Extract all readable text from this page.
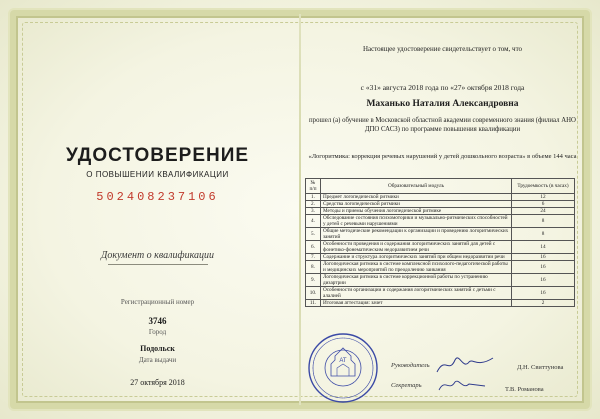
УДОСТОВЕРЕНИЕ
О ПОВЫШЕНИИ КВАЛИФИКАЦИИ
502408237106
Документ о квалификации
Регистрационный номер
3746
Город
Подольск
Дата выдачи
27 октября 2018
Настоящее удостоверение свидетельствует о том, что
с «31» августа 2018 года по «27» октября 2018 года
Маханько Наталия Александровна
прошел (а) обучение в Московской областной академии современного знания (филиал АНО ДПО САСЗ) по программе повышения квалификации
«Логоритмика: коррекция речевых нарушений у детей дошкольного возраста» в объеме 144 часа
№ п/п	Образовательный модуль	Трудоемкость (в часах)
1.	Предмет логопедической ритмики	12
2.	Средства логопедической ритмики	6
3.	Методы и приемы обучения логопедической ритмике	24
4.	Обследование состояния психомоторики и музыкально-ритмических способностей у детей с речевыми нарушениями	8
5.	Общие методические рекомендации к организации и проведению логоритмических занятий	8
6.	Особенности проведения и содержания логоритмических занятий для детей с фонетико-фонематическим недоразвитием речи	14
7.	Содержание и структура логоритмических занятий при общем недоразвитии речи	16
8.	Логопедическая ритмика в системе комплексной психолого-педагогической работы и медицинских мероприятий по преодолению заикания	16
9.	Логопедическая ритмика в системе коррекционной работы по устранению дизартрии	16
10.	Особенности организации и содержания логоритмических занятий с детьми с алалией	16
11.	Итоговая аттестация: зачет	2
АТ
Руководитель	Д.Н. Свиттунова
Секретарь
Т.В. Романова
